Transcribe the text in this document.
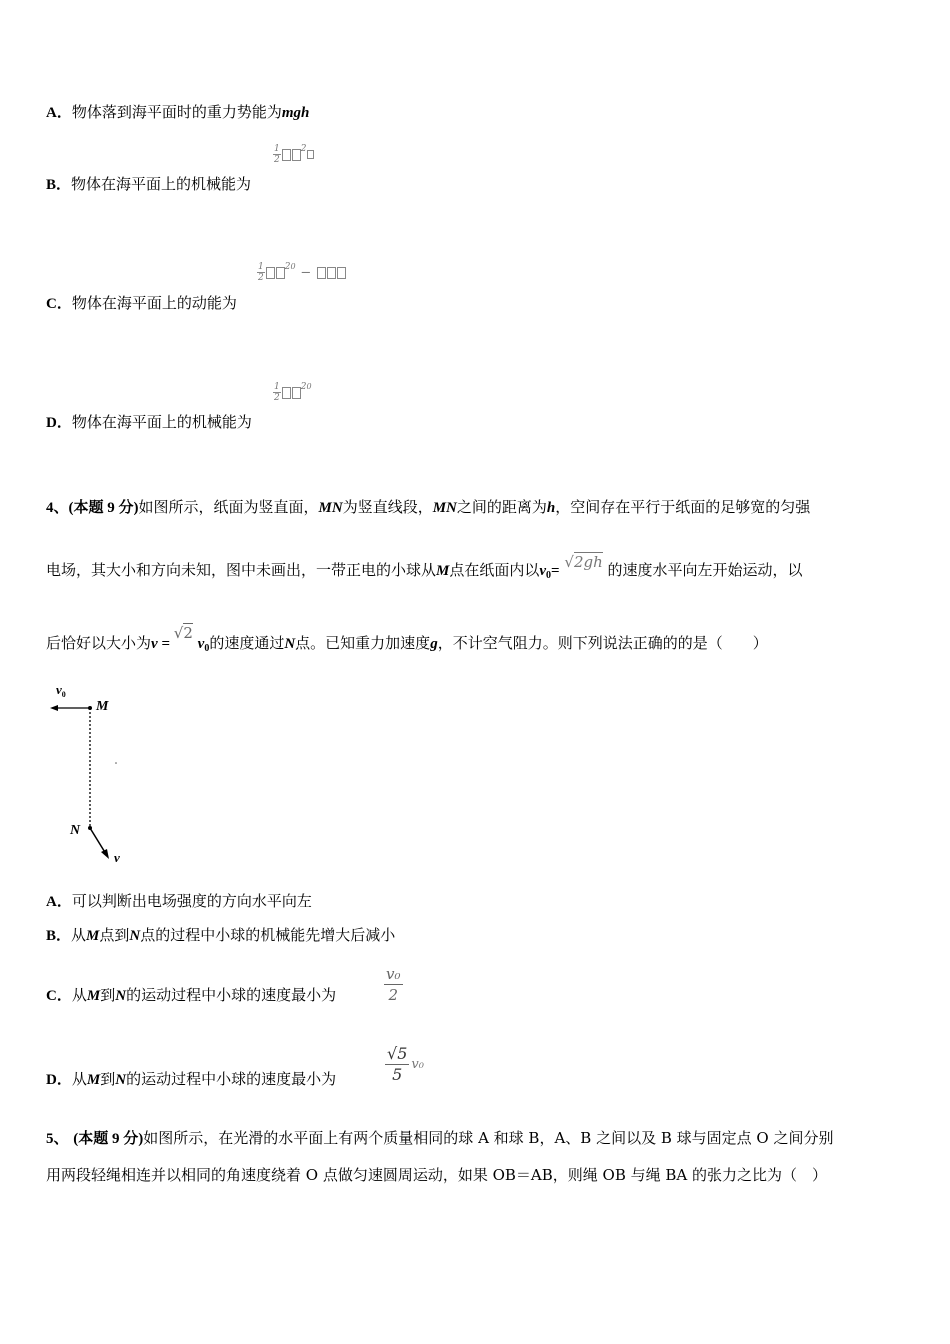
A．物体落到海平面时的重力势能为mgh
$\frac{1}{2} ^2$
B．物体在海平面上的机械能为
$\frac{1}{2} ^{20}$ −
C．物体在海平面上的动能为
$\frac{1}{2} ^{20}$
D．物体在海平面上的机械能为
4、(本题 9 分)如图所示，纸面为竖直面，MN为竖直线段，MN之间的距离为h，空间存在平行于纸面的足够宽的匀强
电场，其大小和方向未知，图中未画出，一带正电的小球从M点在纸面内以$v_0= √2gh$ 的速度水平向左开始运动，以
后恰好以大小为v = √2 $v_0$的速度通过N点。已知重力加速度g，不计空气阻力。则下列说法正确的的是（　　）
$v_0$
M
N
v
A．可以判断出电场强度的方向水平向左
B．从M点到N点的过程中小球的机械能先增大后减小
C．从M到N的运动过程中小球的速度最小为	$\frac{\text{v₀}}{2}$
D．从M到N的运动过程中小球的速度最小为	$\frac{√5}{5} v_0$
5、 (本题 9 分)如图所示，在光滑的水平面上有两个质量相同的球 A 和球 B，A、B 之间以及 B 球与固定点 O 之间分别
用两段轻绳相连并以相同的角速度绕着 O 点做匀速圆周运动，如果 OB＝AB，则绳 OB 与绳 BA 的张力之比为（　）
